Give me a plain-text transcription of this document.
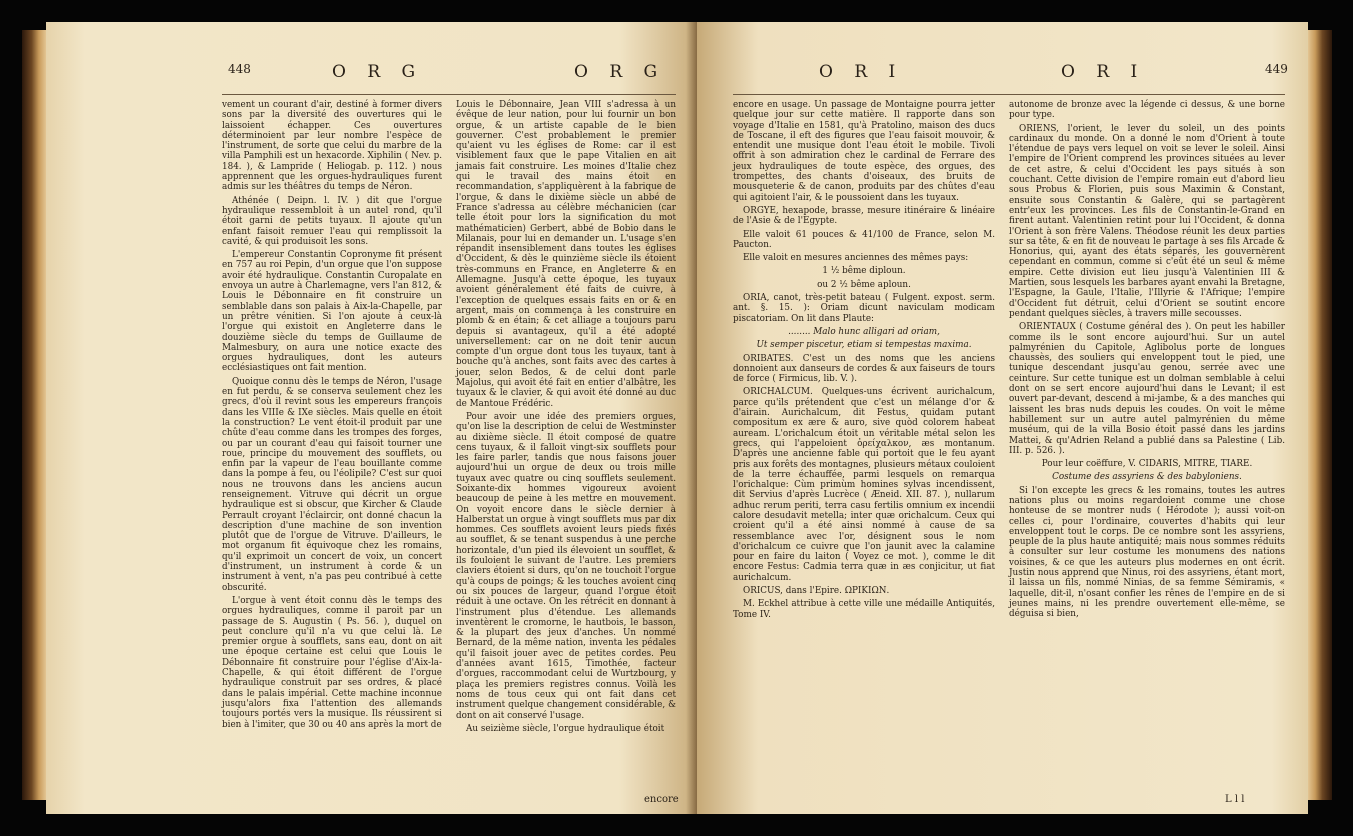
448	O R G	O R G

vement un courant d'air, destiné à former divers sons par la diversité des ouvertures qui le laissoient échapper. Ces ouvertures déterminoient par leur nombre l'espèce de l'instrument, de sorte que celui du marbre de la villa Pamphili est un hexacorde. Xiphilin ( Nev. p. 184. ), & Lampride ( Heliogab. p. 112. ) nous apprennent que les orgues-hydrauliques furent admis sur les théâtres du temps de Néron.

Athénée ( Deipn. l. IV. ) dit que l'orgue hydraulique ressembloit à un autel rond, qu'il étoit garni de petits tuyaux. Il ajoute qu'un enfant faisoit remuer l'eau qui remplissoit la cavité, & qui produisoit les sons.

L'empereur Constantin Copronyme fit présent en 757 au roi Pepin, d'un orgue que l'on suppose avoir été hydraulique. Constantin Curopalate en envoya un autre à Charlemagne, vers l'an 812, & Louis le Débonnaire en fit construire un semblable dans son palais à Aix-la-Chapelle, par un prêtre vénitien. Si l'on ajoute à ceux-là l'orgue qui existoit en Angleterre dans le douzième siècle du temps de Guillaume de Malmesbury, on aura une notice exacte des orgues hydrauliques, dont les auteurs ecclésiastiques ont fait mention.

Quoique connu dès le temps de Néron, l'usage en fut perdu, & se conserva seulement chez les grecs, d'où il revint sous les empereurs françois dans les VIIIe & IXe siècles. Mais quelle en étoit la construction? Le vent étoit-il produit par une chûte d'eau comme dans les trompes des forges, ou par un courant d'eau qui faisoit tourner une roue, principe du mouvement des soufflets, ou enfin par la vapeur de l'eau bouillante comme dans la pompe à feu, ou l'éolipile? C'est sur quoi nous ne trouvons dans les anciens aucun renseignement. Vitruve qui décrit un orgue hydraulique est si obscur, que Kircher & Claude Perrault croyant l'éclaircir, ont donné chacun la description d'une machine de son invention plutôt que de l'orgue de Vitruve. D'ailleurs, le mot organum fit équivoque chez les romains, qu'il exprimoit un concert de voix, un concert d'instrument, un instrument à corde & un instrument à vent, n'a pas peu contribué à cette obscurité.

L'orgue à vent étoit connu dès le temps des orgues hydrauliques, comme il paroit par un passage de S. Augustin ( Ps. 56. ), duquel on peut conclure qu'il n'a vu que celui là. Le premier orgue à soufflets, sans eau, dont on ait une époque certaine est celui que Louis le Débonnaire fit construire pour l'église d'Aix-la-Chapelle, & qui étoit différent de l'orgue hydraulique construit par ses ordres, & placé dans le palais impérial. Cette machine inconnue jusqu'alors fixa l'attention des allemands toujours portés vers la musique. Ils réussirent si bien à l'imiter, que 30 ou 40 ans après la mort de

Louis le Débonnaire, Jean VIII s'adressa à un évêque de leur nation, pour lui fournir un bon orgue, & un artiste capable de le bien gouverner. C'est probablement le premier qu'aient vu les églises de Rome: car il est visiblement faux que le pape Vitalien en ait jamais fait construire. Les moines d'Italie chez qui le travail des mains étoit en recommandation, s'appliquèrent à la fabrique de l'orgue, & dans le dixième siècle un abbé de France s'adressa au célèbre méchanicien (car telle étoit pour lors la signification du mot mathématicien) Gerbert, abbé de Bobio dans le Milanais, pour lui en demander un. L'usage s'en répandit insensiblement dans toutes les églises d'Occident, & dès le quinzième siècle ils étoient très-communs en France, en Angleterre & en Allemagne. Jusqu'à cette époque, les tuyaux avoient généralement été faits de cuivre, à l'exception de quelques essais faits en or & en argent, mais on commença à les construire en plomb & en étain; & cet alliage a toujours paru depuis si avantageux, qu'il a été adopté universellement: car on ne doit tenir aucun compte d'un orgue dont tous les tuyaux, tant à bouche qu'à anches, sont faits avec des cartes à jouer, selon Bedos, & de celui dont parle Majolus, qui avoit été fait en entier d'albâtre, les tuyaux & le clavier, & qui avoit été donné au duc de Mantoue Frédéric.

Pour avoir une idée des premiers orgues, qu'on lise la description de celui de Westminster au dixième siècle. Il étoit composé de quatre cens tuyaux, & il falloit vingt-six soufflets pour les faire parler, tandis que nous faisons jouer aujourd'hui un orgue de deux ou trois mille tuyaux avec quatre ou cinq soufflets seulement. Soixante-dix hommes vigoureux avoient beaucoup de peine à les mettre en mouvement. On voyoit encore dans le siècle dernier à Halberstat un orgue à vingt soufflets mus par dix hommes. Ces soufflets avoient leurs pieds fixés au soufflet, & se tenant suspendus à une perche horizontale, d'un pied ils élevoient un soufflet, & ils fouloient le suivant de l'autre. Les premiers claviers étoient si durs, qu'on ne touchoit l'orgue qu'à coups de poings; & les touches avoient cinq ou six pouces de largeur, quand l'orgue étoit réduit à une octave. On les rétrécit en donnant à l'instrument plus d'étendue. Les allemands inventèrent le cromorne, le hautbois, le basson, & la plupart des jeux d'anches. Un nommé Bernard, de la même nation, inventa les pédales qu'il faisoit jouer avec de petites cordes. Peu d'années avant 1615, Timothée, facteur d'orgues, raccommodant celui de Wurtzbourg, y plaça les premiers registres connus. Voilà les noms de tous ceux qui ont fait dans cet instrument quelque changement considérable, & dont on ait conservé l'usage.

Au seizième siècle, l'orgue hydraulique étoit

encore
O R I	O R I	449

encore en usage. Un passage de Montaigne pourra jetter quelque jour sur cette matière. Il rapporte dans son voyage d'Italie en 1581, qu'à Pratolino, maison des ducs de Toscane, il eft des figures que l'eau faisoit mouvoir, & entendit une musique dont l'eau étoit le mobile. Tivoli offrit à son admiration chez le cardinal de Ferrare des jeux hydrauliques de toute espèce, des orgues, des trompettes, des chants d'oiseaux, des bruits de mousqueterie & de canon, produits par des chûtes d'eau qui agitoient l'air, & le poussoient dans les tuyaux.

ORGYE, hexapode, brasse, mesure itinéraire & linéaire de l'Asie & de l'Egypte.

Elle valoit 61 pouces & 41/100 de France, selon M. Paucton.

Elle valoit en mesures anciennes des mêmes pays:

1 ½ bême diploun.

ou 2 ½ bême aploun.

ORIA, canot, très-petit bateau ( Fulgent. expost. serm. ant. §. 15. ): Oriam dicunt naviculam modicam piscatoriam. On lit dans Plaute:

........ Malo hunc alligari ad oriam,

Ut semper piscetur, etiam si tempestas maxima.

ORIBATES. C'est un des noms que les anciens donnoient aux danseurs de cordes & aux faiseurs de tours de force ( Firmicus, lib. V. ).

ORICHALCUM. Quelques-uns écrivent aurichalcum, parce qu'ils prétendent que c'est un mélange d'or & d'airain. Aurichalcum, dit Festus, quidam putant compositum ex ære & auro, sive quòd colorem habeat auream. L'orichalcum étoit un véritable métal selon les grecs, qui l'appeloient ὀρείχαλκον, æs montanum. D'après une ancienne fable qui portoit que le feu ayant pris aux forêts des montagnes, plusieurs métaux couloient de la terre échauffée, parmi lesquels on remarqua l'orichalque: Cùm primùm homines sylvas incendissent, dit Servius d'après Lucrèce ( Æneid. XII. 87. ), nullarum adhuc rerum periti, terra casu fertilis omnium ex incendii calore desudavit metella; inter quæ orichalcum. Ceux qui croient qu'il a été ainsi nommé à cause de sa ressemblance avec l'or, désignent sous le nom d'orichalcum ce cuivre que l'on jaunit avec la calamine pour en faire du laiton ( Voyez ce mot. ), comme le dit encore Festus: Cadmia terra quæ in æs conjicitur, ut fiat aurichalcum.

ORICUS, dans l'Epire. ΩΡΙΚΙΩΝ.

M. Eckhel attribue à cette ville une médaille Antiquités, Tome IV.

autonome de bronze avec la légende ci dessus, & une borne pour type.

ORIENS, l'orient, le lever du soleil, un des points cardinaux du monde. On a donné le nom d'Orient à toute l'étendue de pays vers lequel on voit se lever le soleil. Ainsi l'empire de l'Orient comprend les provinces situées au lever de cet astre, & celui d'Occident les pays situés à son couchant. Cette division de l'empire romain eut d'abord lieu sous Probus & Florien, puis sous Maximin & Constant, ensuite sous Constantin & Galère, qui se partagèrent entr'eux les provinces. Les fils de Constantin-le-Grand en firent autant. Valentinien retint pour lui l'Occident, & donna l'Orient à son frère Valens. Théodose réunit les deux parties sur sa tête, & en fit de nouveau le partage à ses fils Arcade & Honorius, qui, ayant des états séparés, les gouvernèrent cependant en commun, comme si c'eût été un seul & même empire. Cette division eut lieu jusqu'à Valentinien III & Martien, sous lesquels les barbares ayant envahi la Bretagne, l'Espagne, la Gaule, l'Italie, l'Illyrie & l'Afrique; l'empire d'Occident fut détruit, celui d'Orient se soutint encore pendant quelques siècles, à travers mille secousses.

ORIENTAUX ( Costume général des ). On peut les habiller comme ils le sont encore aujourd'hui. Sur un autel palmyrénien du Capitole, Aglibolus porte de longues chaussès, des souliers qui enveloppent tout le pied, une tunique descendant jusqu'au genou, serrée avec une ceinture. Sur cette tunique est un dolman semblable à celui dont on se sert encore aujourd'hui dans le Levant; il est ouvert par-devant, descend à mi-jambe, & a des manches qui laissent les bras nuds depuis les coudes. On voit le même habillement sur un autre autel palmyrénien du même muséum, qui de la villa Bosio étoit passé dans les jardins Mattei, & qu'Adrien Reland a publié dans sa Palestine ( Lib. III. p. 526. ).

Pour leur coëffure, V. CIDARIS, MITRE, TIARE.

Costume des assyriens & des babyloniens.

Si l'on excepte les grecs & les romains, toutes les autres nations plus ou moins regardoient comme une chose honteuse de se montrer nuds ( Hérodote ); aussi voit-on celles ci, pour l'ordinaire, couvertes d'habits qui leur enveloppent tout le corps. De ce nombre sont les assyriens, peuple de la plus haute antiquité; mais nous sommes réduits à consulter sur leur costume les monumens des nations voisines, & ce que les auteurs plus modernes en ont écrit. Justin nous apprend que Ninus, roi des assyriens, étant mort, il laissa un fils, nommé Ninias, de sa femme Sémiramis, « laquelle, dit-il, n'osant confier les rênes de l'empire en de si jeunes mains, ni les prendre ouvertement elle-même, se déguisa si bien,

L l l
